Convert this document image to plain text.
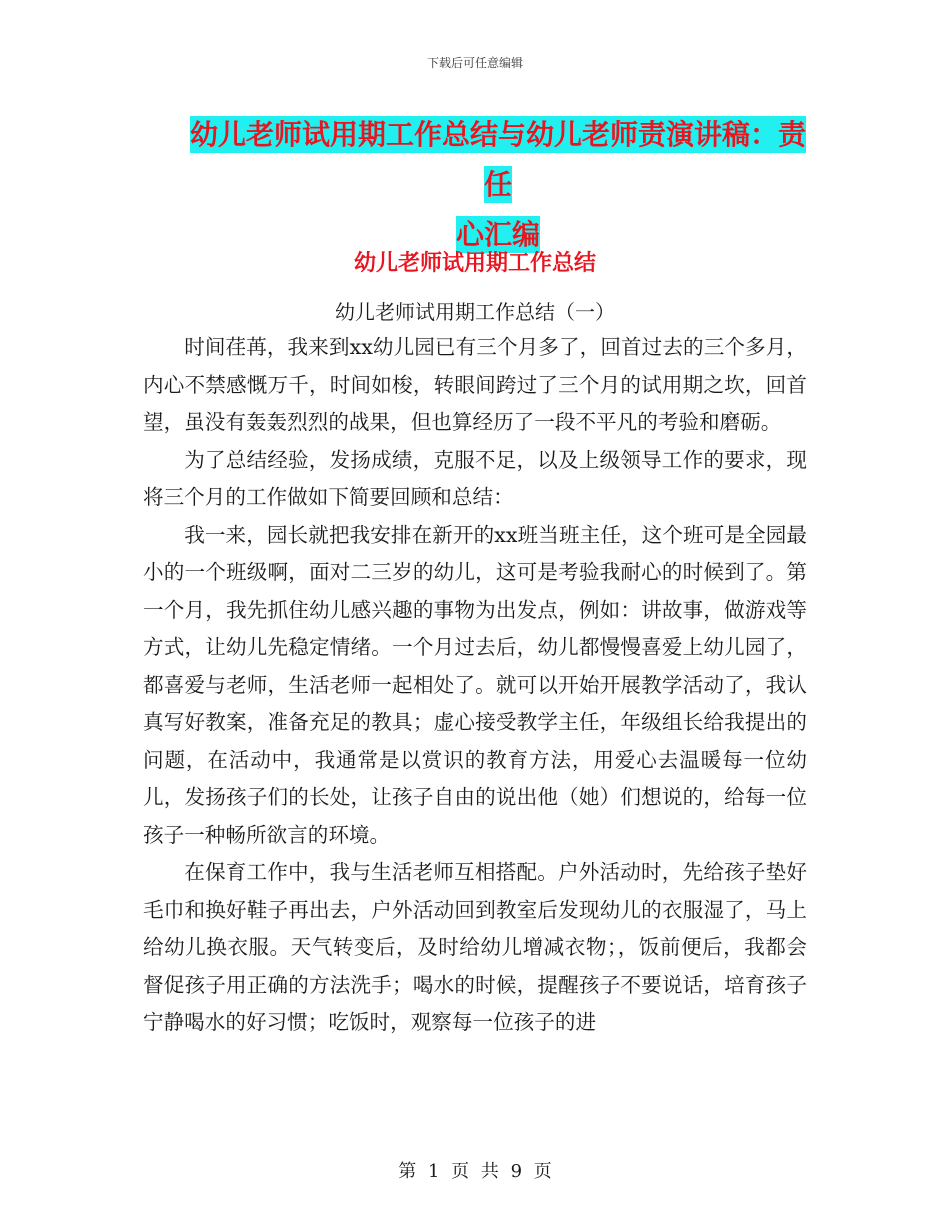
下载后可任意编辑
幼儿老师试用期工作总结与幼儿老师责演讲稿：责任
心汇编
幼儿老师试用期工作总结
幼儿老师试用期工作总结（一）

时间荏苒，我来到xx幼儿园已有三个月多了，回首过去的三个多月，内心不禁感慨万千，时间如梭，转眼间跨过了三个月的试用期之坎，回首望，虽没有轰轰烈烈的战果，但也算经历了一段不平凡的考验和磨砺。

为了总结经验，发扬成绩，克服不足，以及上级领导工作的要求，现将三个月的工作做如下简要回顾和总结：

我一来，园长就把我安排在新开的xx班当班主任，这个班可是全园最小的一个班级啊，面对二三岁的幼儿，这可是考验我耐心的时候到了。第一个月，我先抓住幼儿感兴趣的事物为出发点，例如：讲故事，做游戏等方式，让幼儿先稳定情绪。一个月过去后，幼儿都慢慢喜爱上幼儿园了，都喜爱与老师，生活老师一起相处了。就可以开始开展教学活动了，我认真写好教案，准备充足的教具；虚心接受教学主任，年级组长给我提出的问题，在活动中，我通常是以赏识的教育方法，用爱心去温暖每一位幼儿，发扬孩子们的长处，让孩子自由的说出他（她）们想说的，给每一位孩子一种畅所欲言的环境。

在保育工作中，我与生活老师互相搭配。户外活动时，先给孩子垫好毛巾和换好鞋子再出去，户外活动回到教室后发现幼儿的衣服湿了，马上给幼儿换衣服。天气转变后，及时给幼儿增减衣物；，饭前便后，我都会督促孩子用正确的方法洗手；喝水的时候，提醒孩子不要说话，培育孩子宁静喝水的好习惯；吃饭时，观察每一位孩子的进

第 1 页 共 9 页
